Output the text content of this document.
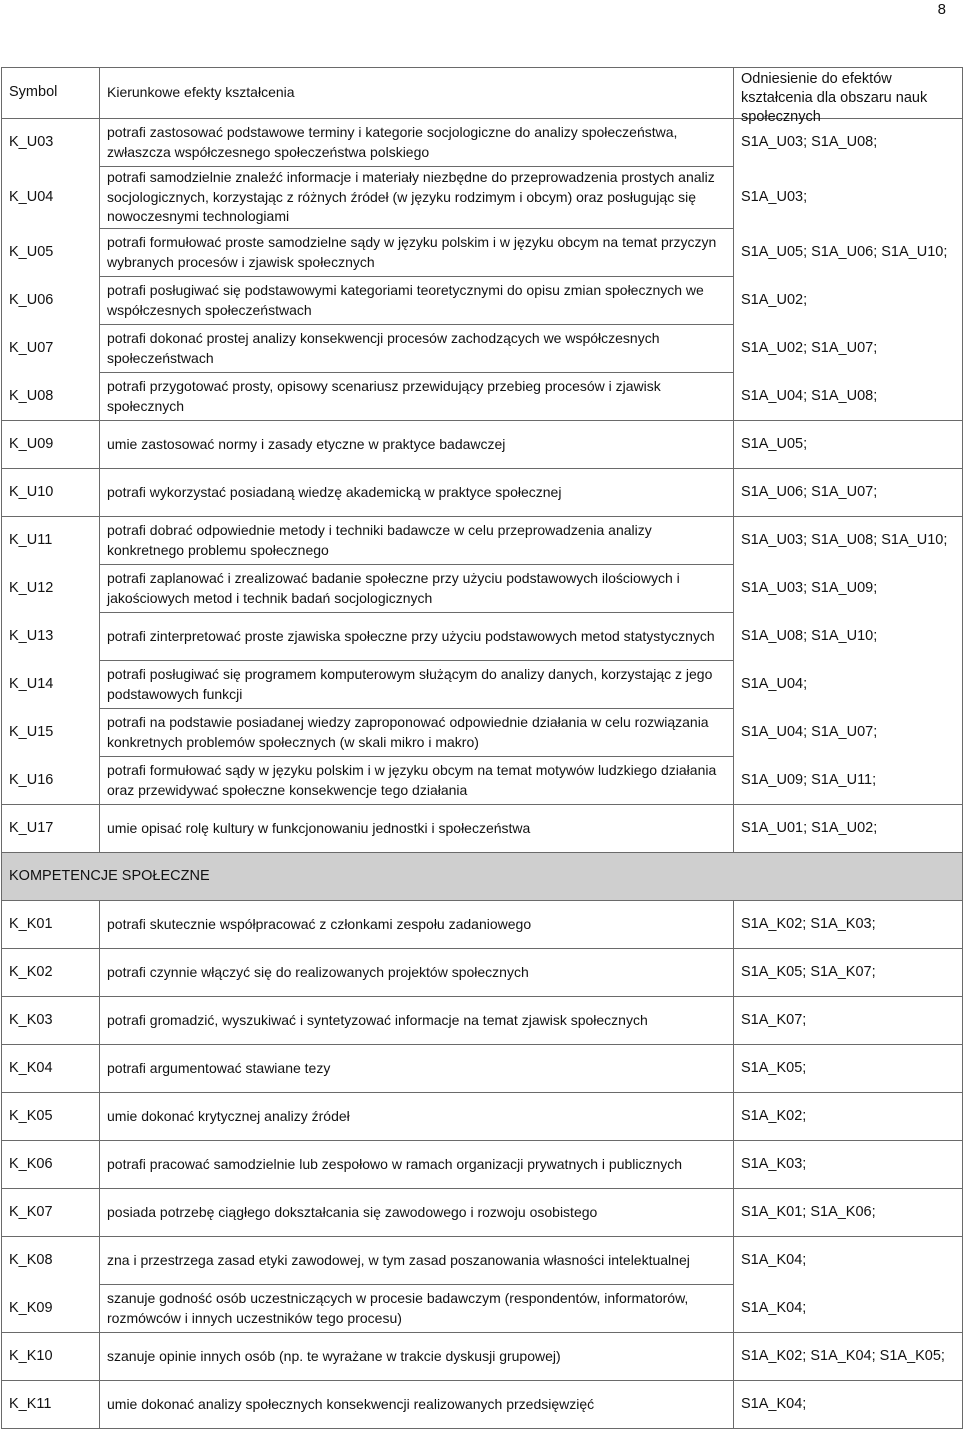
8
Symbol	Kierunkowe efekty kształcenia	Odniesienie do efektów kształcenia dla obszaru nauk społecznych

K_U03	potrafi zastosować podstawowe terminy i kategorie socjologiczne do analizy społeczeństwa, zwłaszcza współczesnego społeczeństwa polskiego	S1A_U03; S1A_U08;
K_U04	potrafi samodzielnie znaleźć informacje i materiały niezbędne do przeprowadzenia prostych analiz socjologicznych, korzystając z różnych źródeł (w języku rodzimym i obcym) oraz posługując się nowoczesnymi technologiami	S1A_U03;
K_U05	potrafi formułować proste samodzielne sądy w języku polskim i w języku obcym na temat przyczyn wybranych procesów i zjawisk społecznych	S1A_U05; S1A_U06; S1A_U10;
K_U06	potrafi posługiwać się podstawowymi kategoriami teoretycznymi do opisu zmian społecznych we współczesnych społeczeństwach	S1A_U02;
K_U07	potrafi dokonać prostej analizy konsekwencji procesów zachodzących we współczesnych społeczeństwach	S1A_U02; S1A_U07;
K_U08	potrafi przygotować prosty, opisowy scenariusz przewidujący przebieg procesów i zjawisk społecznych	S1A_U04; S1A_U08;
K_U09	umie zastosować normy i zasady etyczne w praktyce badawczej	S1A_U05;
K_U10	potrafi wykorzystać posiadaną wiedzę akademicką w praktyce społecznej	S1A_U06; S1A_U07;
K_U11	potrafi dobrać odpowiednie metody i techniki badawcze w celu przeprowadzenia analizy konkretnego problemu społecznego	S1A_U03; S1A_U08; S1A_U10;
K_U12	potrafi zaplanować i zrealizować badanie społeczne przy użyciu podstawowych ilościowych i jakościowych metod i technik badań socjologicznych	S1A_U03; S1A_U09;
K_U13	potrafi zinterpretować proste zjawiska społeczne przy użyciu podstawowych metod statystycznych	S1A_U08; S1A_U10;
K_U14	potrafi posługiwać się programem komputerowym służącym do analizy danych, korzystając z jego podstawowych funkcji	S1A_U04;
K_U15	potrafi na podstawie posiadanej wiedzy zaproponować odpowiednie działania w celu rozwiązania konkretnych problemów społecznych (w skali mikro i makro)	S1A_U04; S1A_U07;
K_U16	potrafi formułować sądy w języku polskim i w języku obcym na temat motywów ludzkiego działania oraz przewidywać społeczne konsekwencje tego działania	S1A_U09; S1A_U11;
K_U17	umie opisać rolę kultury w funkcjonowaniu jednostki i społeczeństwa	S1A_U01; S1A_U02;
KOMPETENCJE SPOŁECZNE		
K_K01	potrafi skutecznie współpracować z członkami zespołu zadaniowego	S1A_K02; S1A_K03;
K_K02	potrafi czynnie włączyć się do realizowanych projektów społecznych	S1A_K05; S1A_K07;
K_K03	potrafi gromadzić, wyszukiwać i syntetyzować informacje na temat zjawisk społecznych	S1A_K07;
K_K04	potrafi argumentować stawiane tezy	S1A_K05;
K_K05	umie dokonać krytycznej analizy źródeł	S1A_K02;
K_K06	potrafi pracować samodzielnie lub zespołowo w ramach organizacji prywatnych i publicznych	S1A_K03;
K_K07	posiada potrzebę ciągłego dokształcania się zawodowego i rozwoju osobistego	S1A_K01; S1A_K06;
K_K08	zna i przestrzega zasad etyki zawodowej, w tym zasad poszanowania własności intelektualnej	S1A_K04;
K_K09	szanuje godność osób uczestniczących w procesie badawczym (respondentów, informatorów, rozmówców i innych uczestników tego procesu)	S1A_K04;
K_K10	szanuje opinie innych osób (np. te wyrażane w trakcie dyskusji grupowej)	S1A_K02; S1A_K04; S1A_K05;
K_K11	umie dokonać analizy społecznych konsekwencji realizowanych przedsięwzięć	S1A_K04;
